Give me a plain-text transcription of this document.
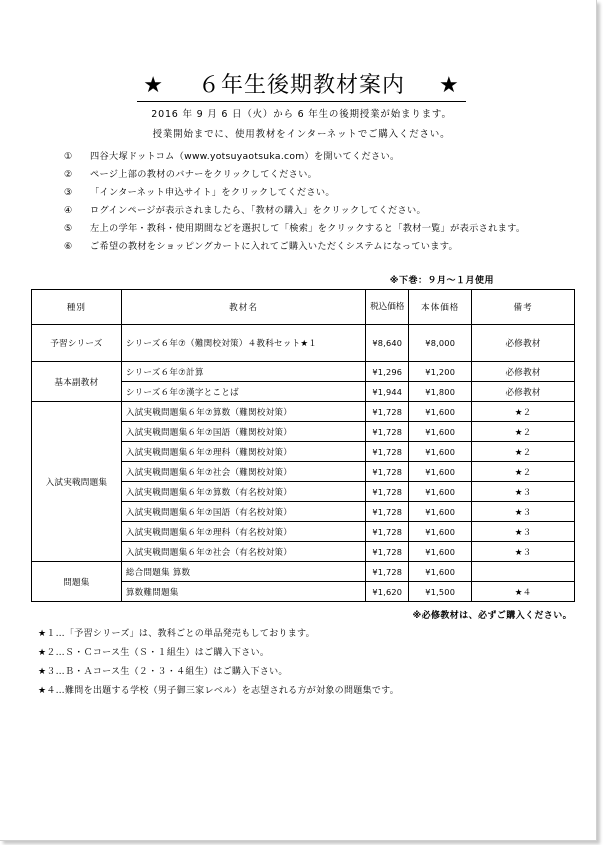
★ ６年生後期教材案内 ★
2016 年 9 月 6 日（火）から 6 年生の後期授業が始まります。
授業開始までに、使用教材をインターネットでご購入ください。
①	四谷大塚ドットコム（www.yotsuyaotsuka.com）を開いてください。
②	ページ上部の教材のバナーをクリックしてください。
③	「インターネット申込サイト」をクリックしてください。
④	ログインページが表示されましたら、「教材の購入」をクリックしてください。
⑤	左上の学年・教科・使用期間などを選択して「検索」をクリックすると「教材一覧」が表示されます。
⑥	ご希望の教材をショッピングカートに入れてご購入いただくシステムになっています。
※下巻：９月～１月使用
種別	教材名	税込価格	本体価格	備考
予習シリーズ	シリーズ６年⑦（難関校対策）４教科セット★１	¥8,640	¥8,000	必修教材
基本副教材	シリーズ６年⑦計算	¥1,296	¥1,200	必修教材
	シリーズ６年⑦漢字とことば	¥1,944	¥1,800	必修教材
入試実戦問題集	入試実戦問題集６年⑦算数（難関校対策）	¥1,728	¥1,600	★２
	入試実戦問題集６年⑦国語（難関校対策）	¥1,728	¥1,600	★２
	入試実戦問題集６年⑦理科（難関校対策）	¥1,728	¥1,600	★２
	入試実戦問題集６年⑦社会（難関校対策）	¥1,728	¥1,600	★２
	入試実戦問題集６年⑦算数（有名校対策）	¥1,728	¥1,600	★３
	入試実戦問題集６年⑦国語（有名校対策）	¥1,728	¥1,600	★３
	入試実戦問題集６年⑦理科（有名校対策）	¥1,728	¥1,600	★３
	入試実戦問題集６年⑦社会（有名校対策）	¥1,728	¥1,600	★３
問題集	総合問題集 算数	¥1,728	¥1,600	
	算数難問題集	¥1,620	¥1,500	★４
※必修教材は、必ずご購入ください。
★１…「予習シリーズ」は、教科ごとの単品発売もしております。
★２…Ｓ・Ｃコース生（Ｓ・１組生）はご購入下さい。
★３…Ｂ・Ａコース生（２・３・４組生）はご購入下さい。
★４…難問を出題する学校（男子御三家レベル）を志望される方が対象の問題集です。
